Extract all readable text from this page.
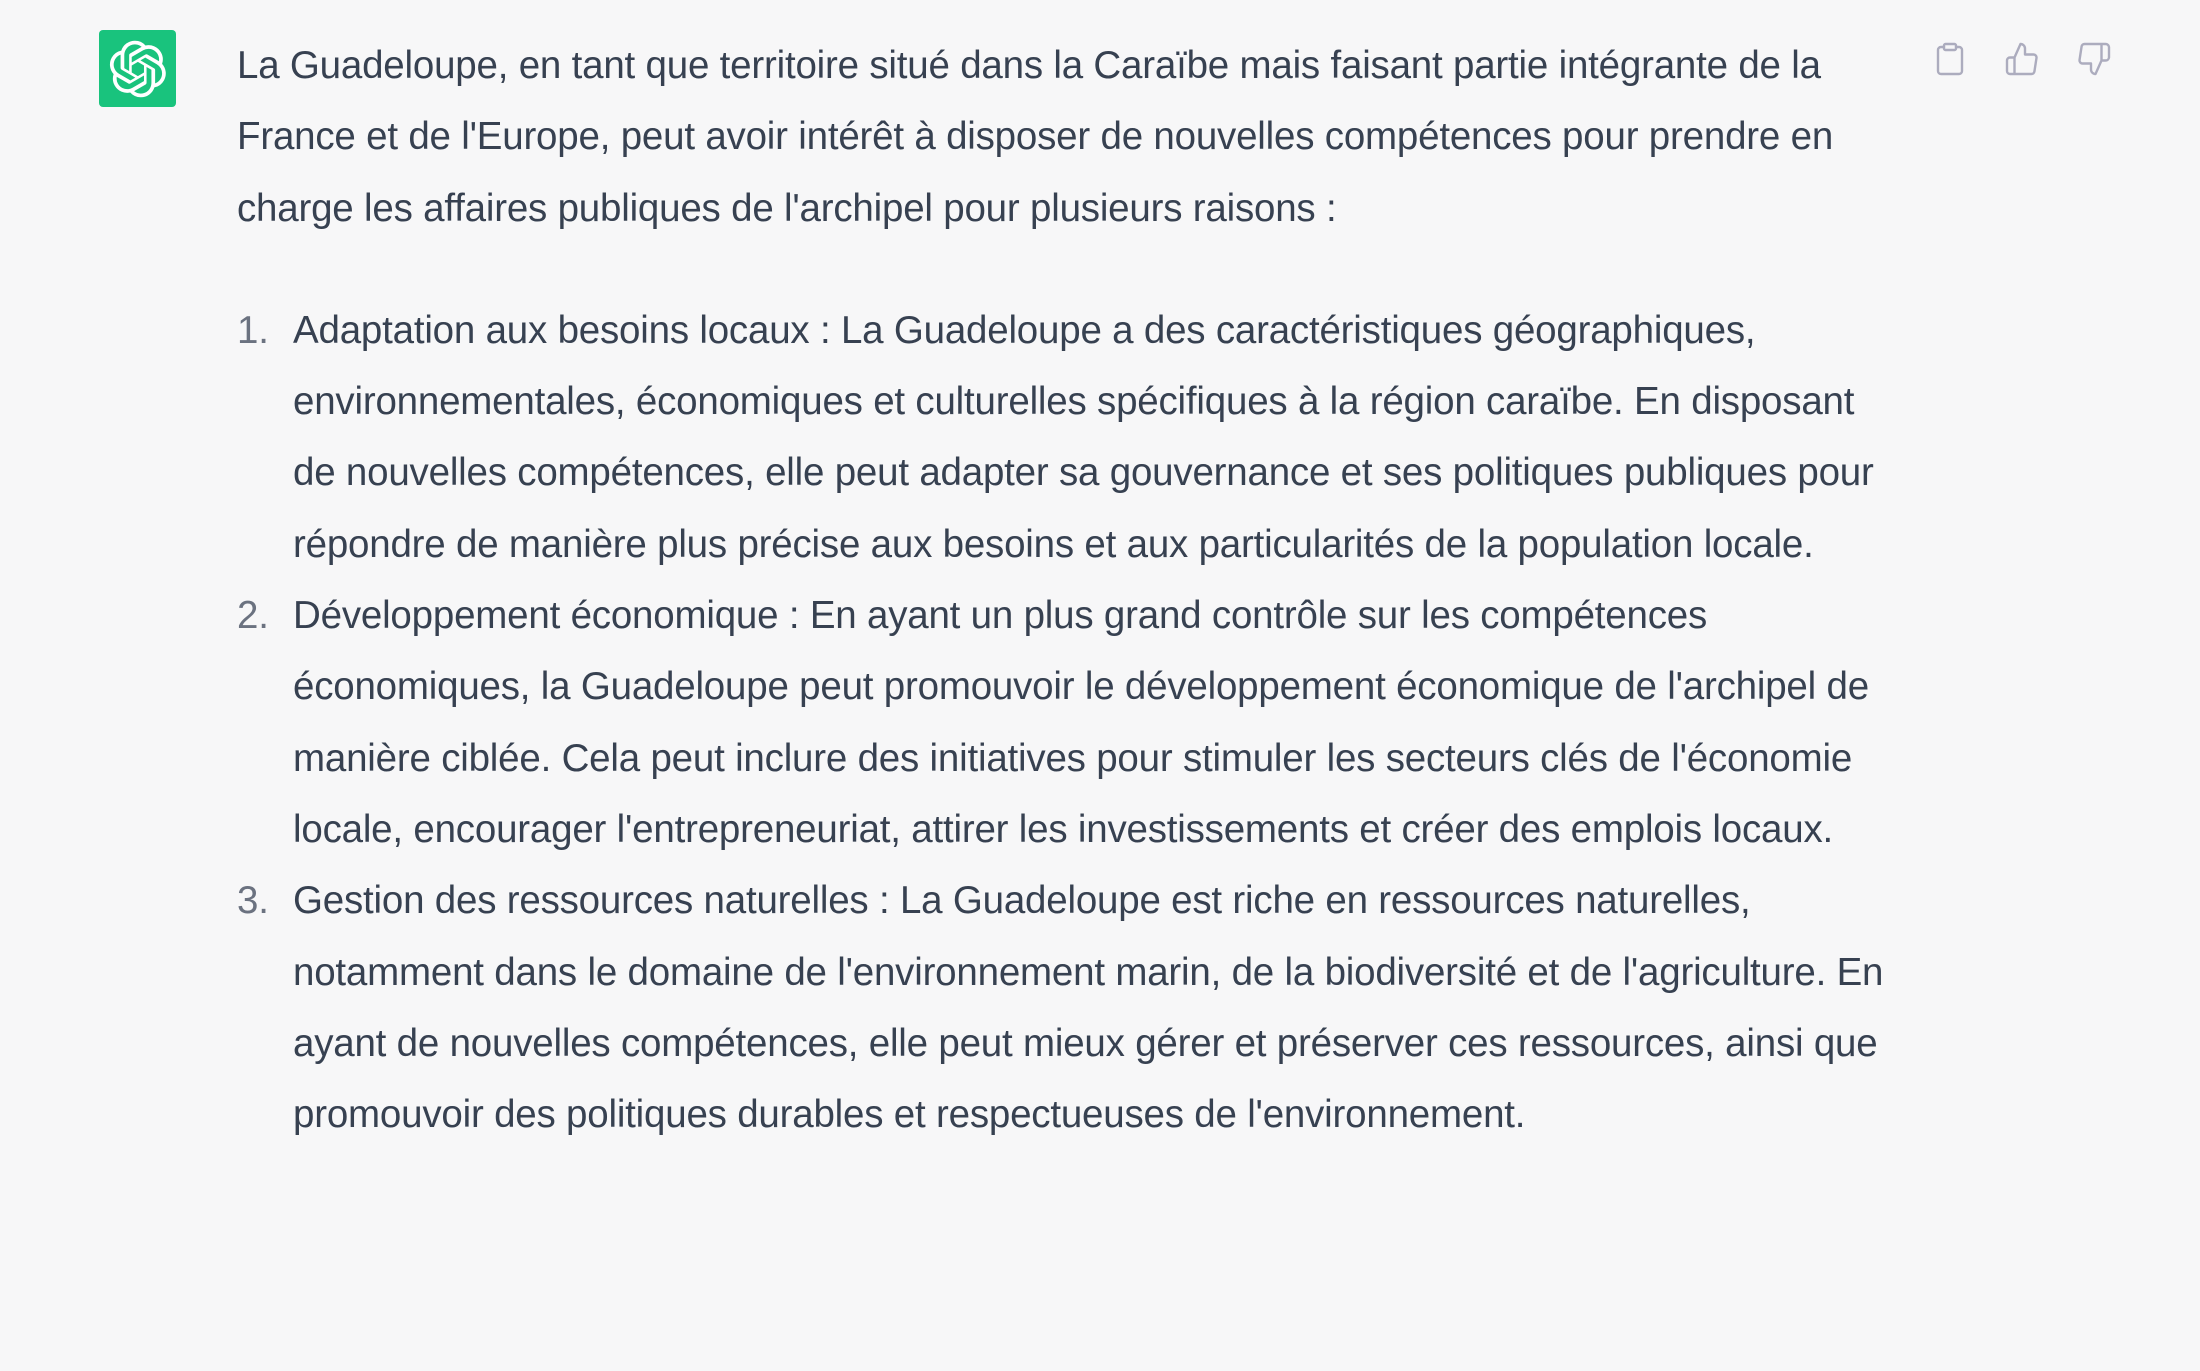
La Guadeloupe, en tant que territoire situé dans la Caraïbe mais faisant partie intégrante de la France et de l'Europe, peut avoir intérêt à disposer de nouvelles compétences pour prendre en charge les affaires publiques de l'archipel pour plusieurs raisons :

1. Adaptation aux besoins locaux : La Guadeloupe a des caractéristiques géographiques, environnementales, économiques et culturelles spécifiques à la région caraïbe. En disposant de nouvelles compétences, elle peut adapter sa gouvernance et ses politiques publiques pour répondre de manière plus précise aux besoins et aux particularités de la population locale.
2. Développement économique : En ayant un plus grand contrôle sur les compétences économiques, la Guadeloupe peut promouvoir le développement économique de l'archipel de manière ciblée. Cela peut inclure des initiatives pour stimuler les secteurs clés de l'économie locale, encourager l'entrepreneuriat, attirer les investissements et créer des emplois locaux.
3. Gestion des ressources naturelles : La Guadeloupe est riche en ressources naturelles, notamment dans le domaine de l'environnement marin, de la biodiversité et de l'agriculture. En ayant de nouvelles compétences, elle peut mieux gérer et préserver ces ressources, ainsi que promouvoir des politiques durables et respectueuses de l'environnement.
